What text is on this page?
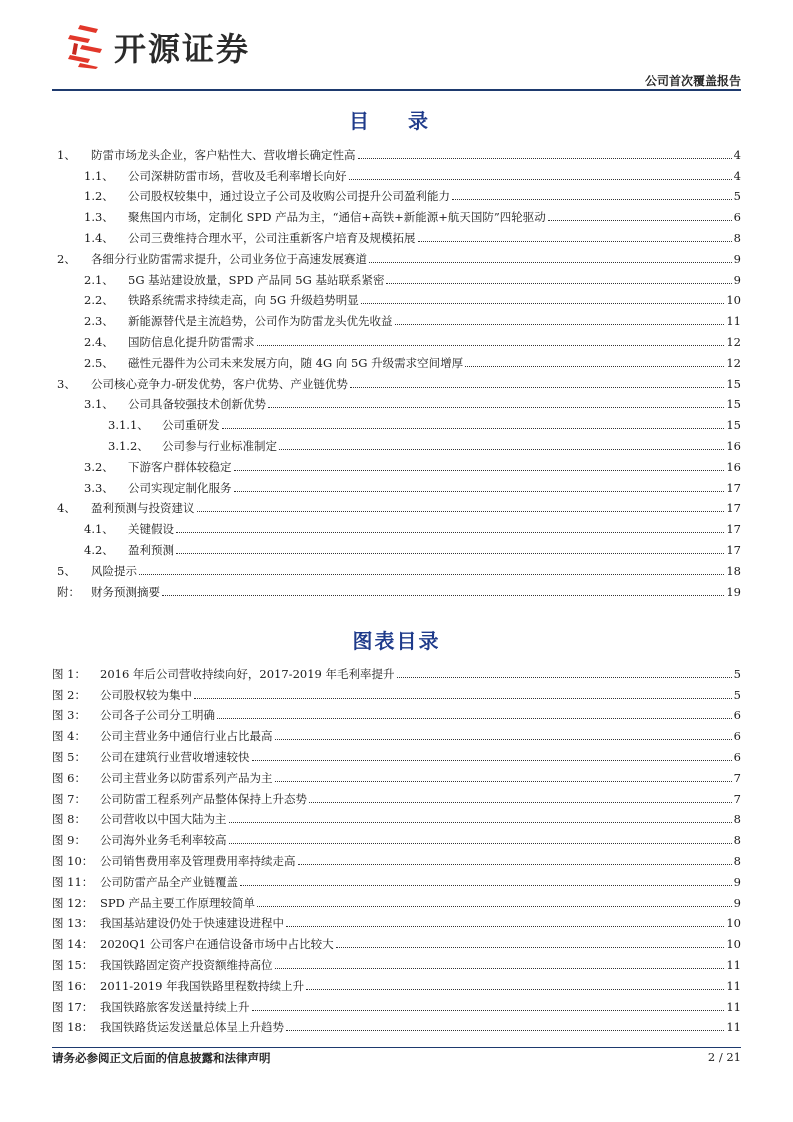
开源证券
公司首次覆盖报告
目 录
1、	防雷市场龙头企业，客户粘性大、营收增长确定性高	4
1.1、	公司深耕防雷市场，营收及毛利率增长向好	4
1.2、	公司股权较集中，通过设立子公司及收购公司提升公司盈利能力	5
1.3、	聚焦国内市场，定制化 SPD 产品为主，“通信+高铁+新能源+航天国防”四轮驱动	6
1.4、	公司三费维持合理水平，公司注重新客户培育及规模拓展	8
2、	各细分行业防雷需求提升，公司业务位于高速发展赛道	9
2.1、	5G 基站建设放量，SPD 产品同 5G 基站联系紧密	9
2.2、	铁路系统需求持续走高，向 5G 升级趋势明显	10
2.3、	新能源替代是主流趋势，公司作为防雷龙头优先收益	11
2.4、	国防信息化提升防雷需求	12
2.5、	磁性元器件为公司未来发展方向，随 4G 向 5G 升级需求空间增厚	12
3、	公司核心竞争力-研发优势，客户优势、产业链优势	15
3.1、	公司具备较强技术创新优势	15
3.1.1、	公司重研发	15
3.1.2、	公司参与行业标准制定	16
3.2、	下游客户群体较稳定	16
3.3、	公司实现定制化服务	17
4、	盈利预测与投资建议	17
4.1、	关键假设	17
4.2、	盈利预测	17
5、	风险提示	18
附： 财务预测摘要	19
图表目录
图 1：	2016 年后公司营收持续向好，2017-2019 年毛利率提升	5
图 2：	公司股权较为集中	5
图 3：	公司各子公司分工明确	6
图 4：	公司主营业务中通信行业占比最高	6
图 5：	公司在建筑行业营收增速较快	6
图 6：	公司主营业务以防雷系列产品为主	7
图 7：	公司防雷工程系列产品整体保持上升态势	7
图 8：	公司营收以中国大陆为主	8
图 9：	公司海外业务毛利率较高	8
图 10： 公司销售费用率及管理费用率持续走高	8
图 11： 公司防雷产品全产业链覆盖	9
图 12： SPD 产品主要工作原理较简单	9
图 13： 我国基站建设仍处于快速建设进程中	10
图 14： 2020Q1 公司客户在通信设备市场中占比较大	10
图 15： 我国铁路固定资产投资额维持高位	11
图 16： 2011-2019 年我国铁路里程数持续上升	11
图 17： 我国铁路旅客发送量持续上升	11
图 18： 我国铁路货运发送量总体呈上升趋势	11
请务必参阅正文后面的信息披露和法律声明	2 / 21
